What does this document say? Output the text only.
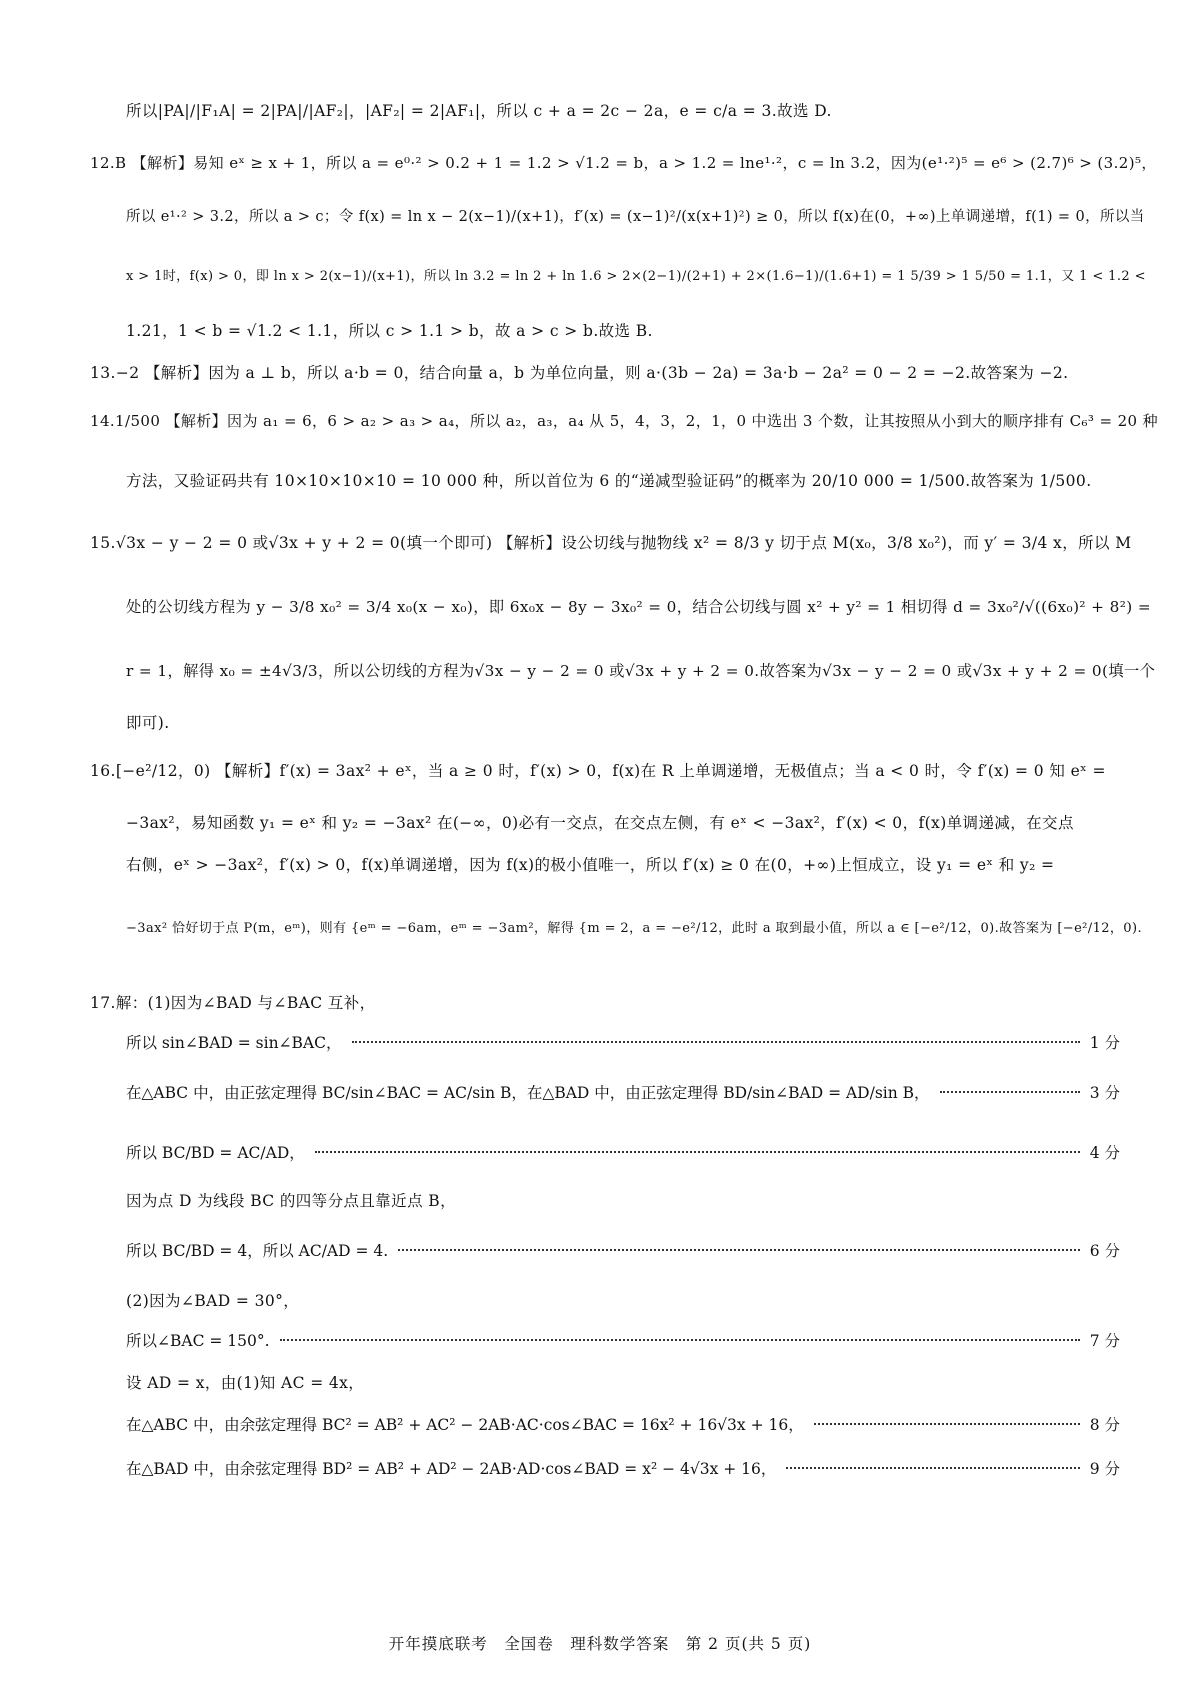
所以|PA|/|F₁A| = 2|PA|/|AF₂|，|AF₂| = 2|AF₁|，所以 c + a = 2c − 2a，e = c/a = 3.故选 D.
12.B 【解析】易知 eˣ ≥ x + 1，所以 a = e⁰·² > 0.2 + 1 = 1.2 > √1.2 = b，a > 1.2 = lne¹·²，c = ln 3.2，因为(e¹·²)⁵ = e⁶ > (2.7)⁶ > (3.2)⁵，
所以 e¹·² > 3.2，所以 a > c；令 f(x) = ln x − 2(x−1)/(x+1)，f′(x) = (x−1)²/(x(x+1)²) ≥ 0，所以 f(x)在(0，+∞)上单调递增，f(1) = 0，所以当
x > 1时，f(x) > 0，即 ln x > 2(x−1)/(x+1)，所以 ln 3.2 = ln 2 + ln 1.6 > 2×(2−1)/(2+1) + 2×(1.6−1)/(1.6+1) = 1 5/39 > 1 5/50 = 1.1，又 1 < 1.2 <
1.21，1 < b = √1.2 < 1.1，所以 c > 1.1 > b，故 a > c > b.故选 B.
13.−2 【解析】因为 a ⊥ b，所以 a·b = 0，结合向量 a，b 为单位向量，则 a·(3b − 2a) = 3a·b − 2a² = 0 − 2 = −2.故答案为 −2.
14.1/500 【解析】因为 a₁ = 6，6 > a₂ > a₃ > a₄，所以 a₂，a₃，a₄ 从 5，4，3，2，1，0 中选出 3 个数，让其按照从小到大的顺序排有 C₆³ = 20 种
方法，又验证码共有 10×10×10×10 = 10 000 种，所以首位为 6 的“递减型验证码”的概率为 20/10 000 = 1/500.故答案为 1/500.
15.√3x − y − 2 = 0 或√3x + y + 2 = 0(填一个即可) 【解析】设公切线与抛物线 x² = 8/3 y 切于点 M(x₀，3/8 x₀²)，而 y′ = 3/4 x，所以 M
处的公切线方程为 y − 3/8 x₀² = 3/4 x₀(x − x₀)，即 6x₀x − 8y − 3x₀² = 0，结合公切线与圆 x² + y² = 1 相切得 d = 3x₀²/√((6x₀)² + 8²) =
r = 1，解得 x₀ = ±4√3/3，所以公切线的方程为√3x − y − 2 = 0 或√3x + y + 2 = 0.故答案为√3x − y − 2 = 0 或√3x + y + 2 = 0(填一个
即可).
16.[−e²/12，0) 【解析】f′(x) = 3ax² + eˣ，当 a ≥ 0 时，f′(x) > 0，f(x)在 R 上单调递增，无极值点；当 a < 0 时，令 f′(x) = 0 知 eˣ =
−3ax²，易知函数 y₁ = eˣ 和 y₂ = −3ax² 在(−∞，0)必有一交点，在交点左侧，有 eˣ < −3ax²，f′(x) < 0，f(x)单调递减，在交点
右侧，eˣ > −3ax²，f′(x) > 0，f(x)单调递增，因为 f(x)的极小值唯一，所以 f′(x) ≥ 0 在(0，+∞)上恒成立，设 y₁ = eˣ 和 y₂ =
−3ax² 恰好切于点 P(m，eᵐ)，则有 {eᵐ = −6am，eᵐ = −3am²，解得 {m = 2，a = −e²/12，此时 a 取到最小值，所以 a ∈ [−e²/12，0).故答案为 [−e²/12，0).
17.解：(1)因为∠BAD 与∠BAC 互补，
所以 sin∠BAD = sin∠BAC，	1 分
在△ABC 中，由正弦定理得 BC/sin∠BAC = AC/sin B，在△BAD 中，由正弦定理得 BD/sin∠BAD = AD/sin B，	3 分
所以 BC/BD = AC/AD，	4 分
因为点 D 为线段 BC 的四等分点且靠近点 B，
所以 BC/BD = 4，所以 AC/AD = 4.	6 分
(2)因为∠BAD = 30°，
所以∠BAC = 150°.	7 分
设 AD = x，由(1)知 AC = 4x，
在△ABC 中，由余弦定理得 BC² = AB² + AC² − 2AB·AC·cos∠BAC = 16x² + 16√3x + 16，	8 分
在△BAD 中，由余弦定理得 BD² = AB² + AD² − 2AB·AD·cos∠BAD = x² − 4√3x + 16，	9 分
开年摸底联考　全国卷　理科数学答案　第 2 页(共 5 页)
